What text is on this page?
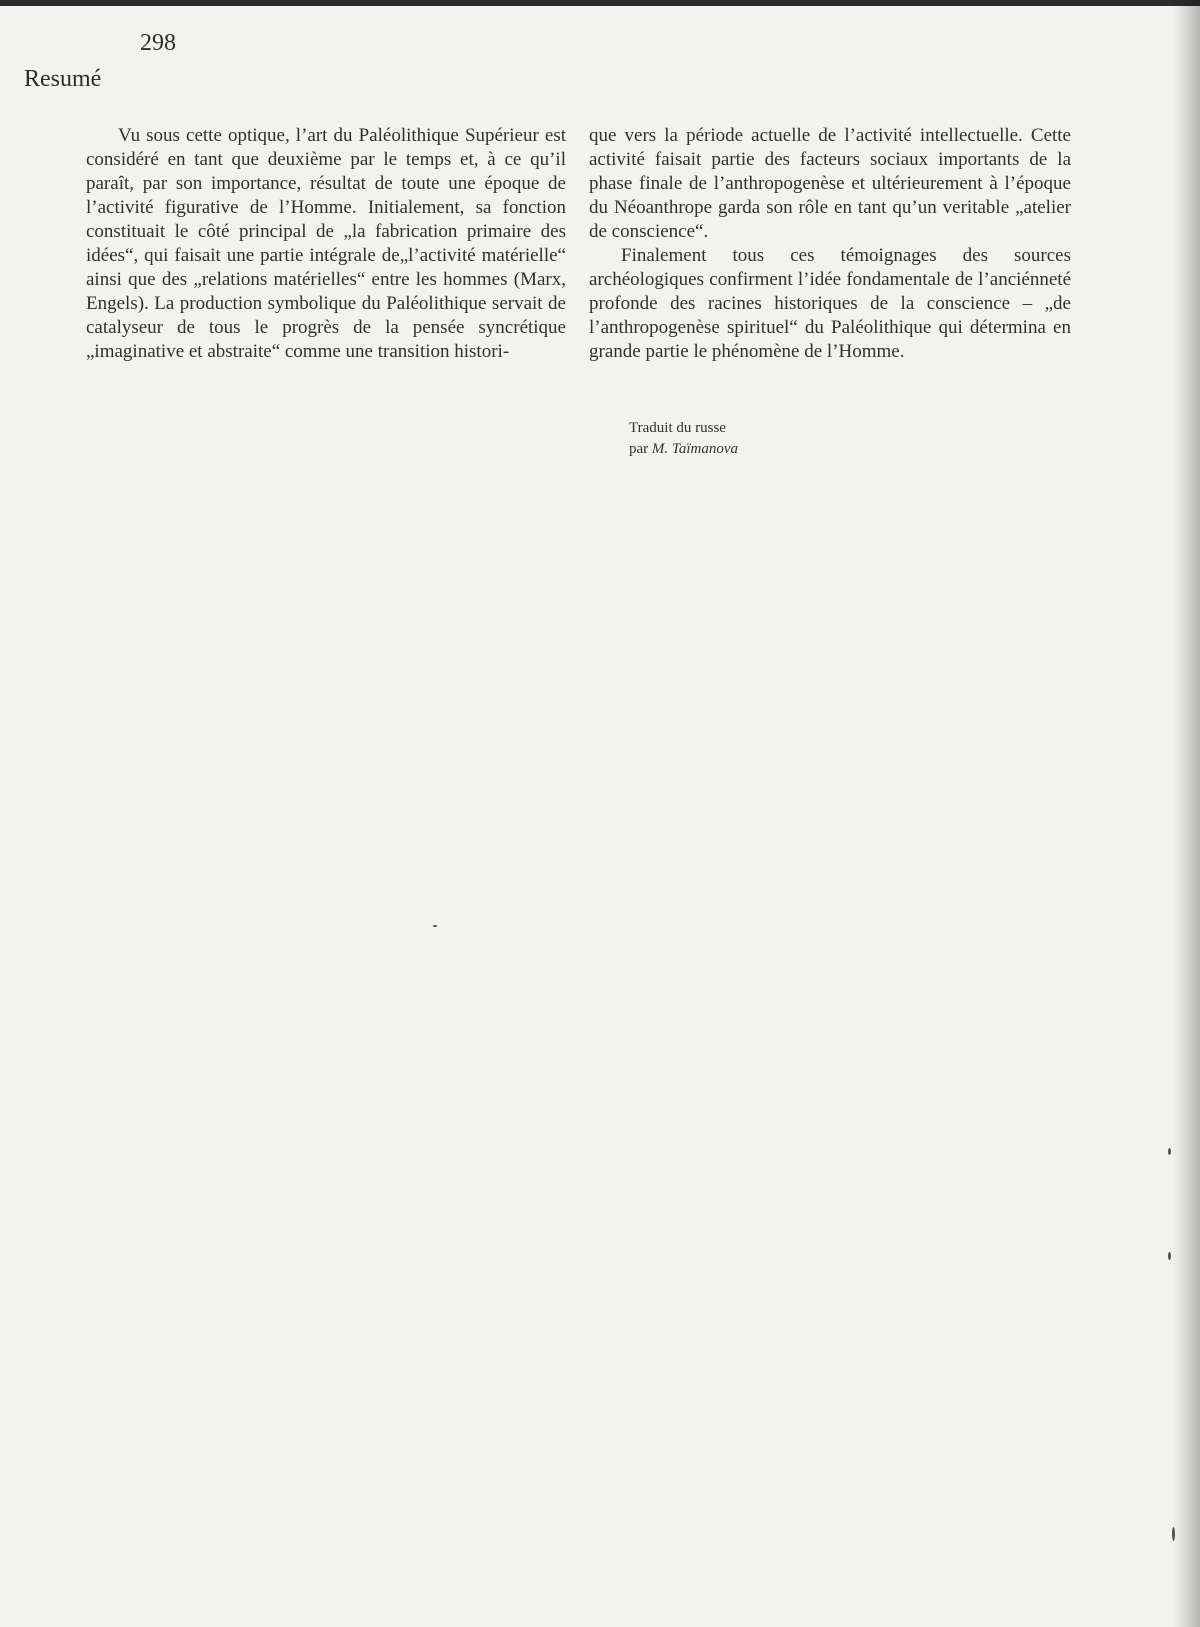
298
Resumé

Vu sous cette optique, l’art du Paléolithique Supérieur est considéré en tant que deuxième par le temps et, à ce qu’il paraît, par son importance, résultat de toute une époque de l’activité figurative de l’Homme. Initialement, sa fonction constituait le côté principal de „la fabrication primaire des idées“, qui faisait une partie intégrale de„l’activité matérielle“ ainsi que des „relations matérielles“ entre les hommes (Marx, Engels). La production symbolique du Paléolithique servait de catalyseur de tous le progrès de la pensée syncrétique „imaginative et abstraite“ comme une transition histori-

que vers la période actuelle de l’activité intellectuelle. Cette activité faisait partie des facteurs sociaux importants de la phase finale de l’anthropogenèse et ultérieurement à l’époque du Néoanthrope garda son rôle en tant qu’un veritable „atelier de conscience“.

Finalement tous ces témoignages des sources archéologiques confirment l’idée fondamentale de l’anciénneté profonde des racines historiques de la conscience – „de l’anthropogenèse spirituel“ du Paléolithique qui détermina en grande partie le phénomène de l’Homme.

Traduit du russe
par M. Taïmanova
